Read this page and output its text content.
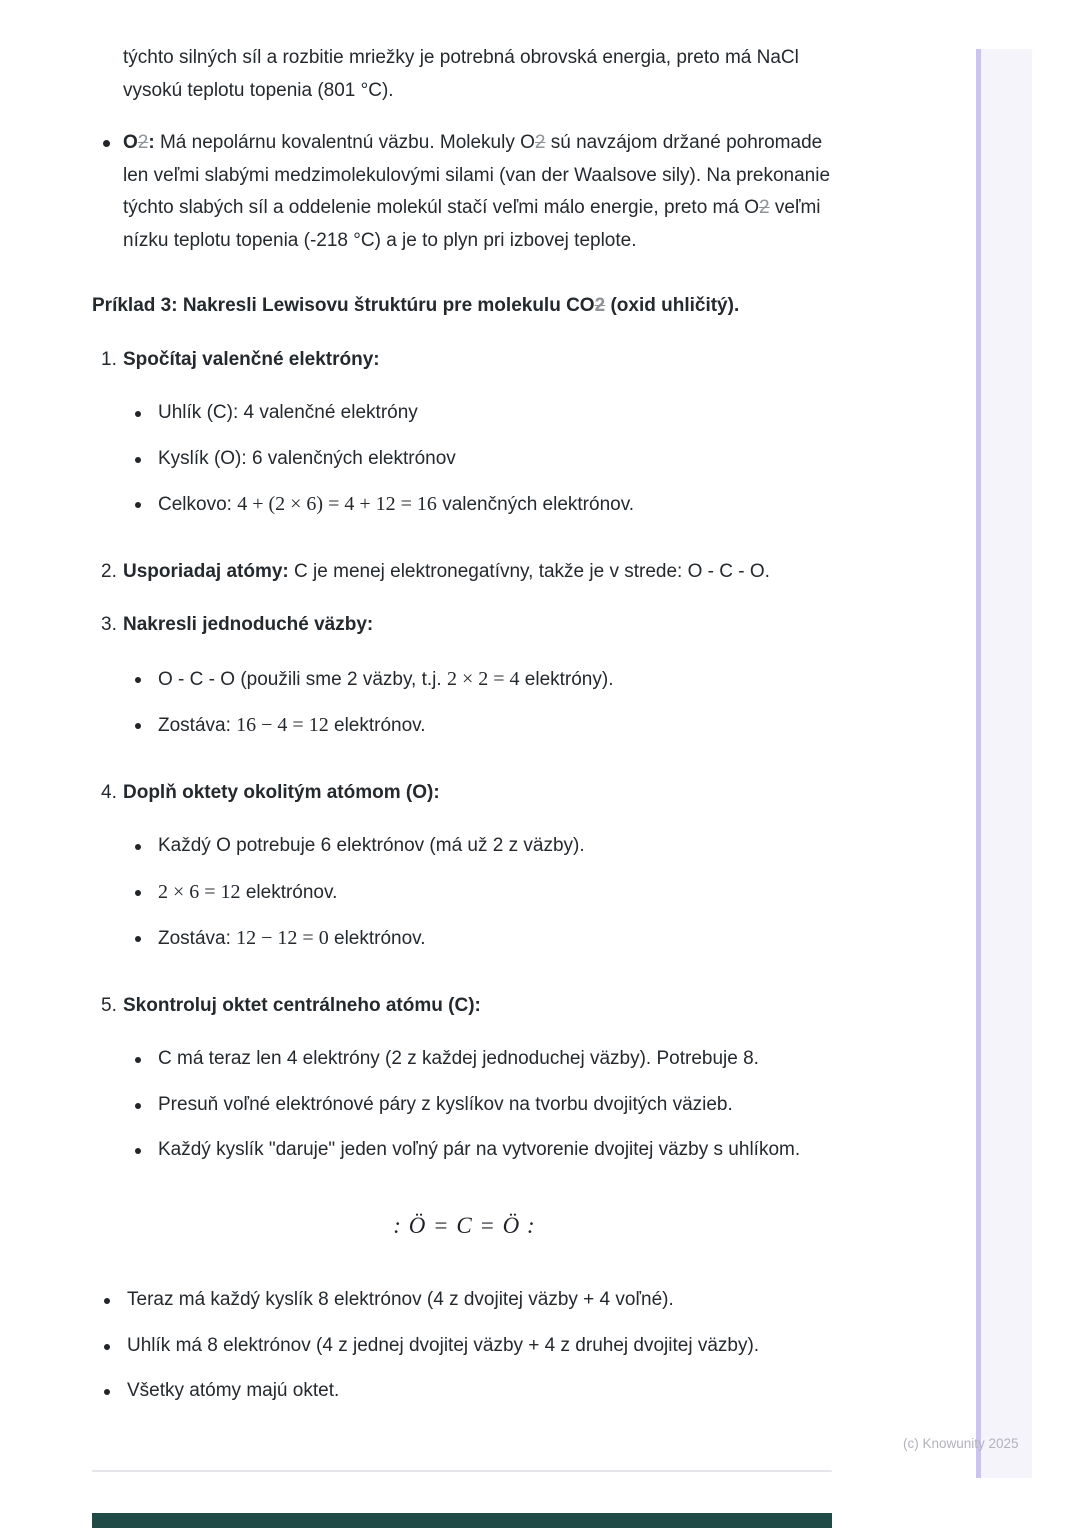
týchto silných síl a rozbitie mriežky je potrebná obrovská energia, preto má NaCl vysokú teplotu topenia (801 °C).

O2: Má nepolárnu kovalentnú väzbu. Molekuly O2 sú navzájom držané pohromade len veľmi slabými medzimolekulovými silami (van der Waalsove sily). Na prekonanie týchto slabých síl a oddelenie molekúl stačí veľmi málo energie, preto má O2 veľmi nízku teplotu topenia (-218 °C) a je to plyn pri izbovej teplote.
Príklad 3: Nakresli Lewisovu štruktúru pre molekulu CO2 (oxid uhličitý).
1. Spočítaj valenčné elektróny:
Uhlík (C): 4 valenčné elektróny
Kyslík (O): 6 valenčných elektrónov
Celkovo: 4 + (2 × 6) = 4 + 12 = 16 valenčných elektrónov.
2. Usporiadaj atómy: C je menej elektronegatívny, takže je v strede: O - C - O.
3. Nakresli jednoduché väzby:
O - C - O (použili sme 2 väzby, t.j. 2 × 2 = 4 elektróny).
Zostáva: 16 − 4 = 12 elektrónov.
4. Doplň oktety okolitým atómom (O):
Každý O potrebuje 6 elektrónov (má už 2 z väzby).
2 × 6 = 12 elektrónov.
Zostáva: 12 − 12 = 0 elektrónov.
5. Skontroluj oktet centrálneho atómu (C):
C má teraz len 4 elektróny (2 z každej jednoduchej väzby). Potrebuje 8.
Presuň voľné elektrónové páry z kyslíkov na tvorbu dvojitých väzieb.
Každý kyslík "daruje" jeden voľný pár na vytvorenie dvojitej väzby s uhlíkom.
: Ö = C = Ö :
Teraz má každý kyslík 8 elektrónov (4 z dvojitej väzby + 4 voľné).
Uhlík má 8 elektrónov (4 z jednej dvojitej väzby + 4 z druhej dvojitej väzby).
Všetky atómy majú oktet.
(c) Knowunity 2025
